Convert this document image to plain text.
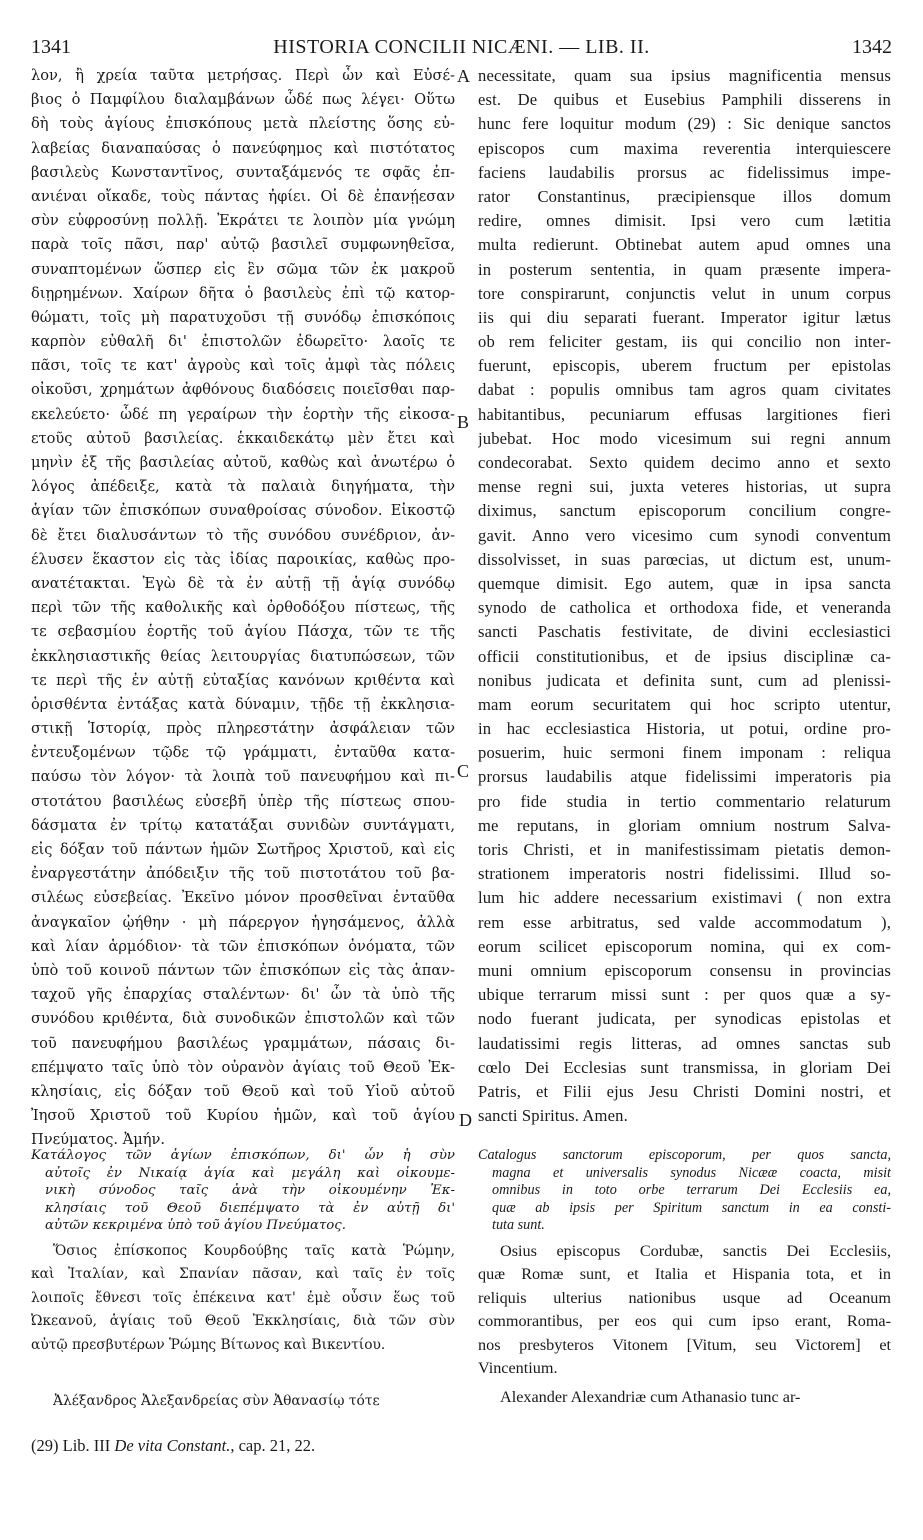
1341	HISTORIA CONCILII NICÆNI. — LIB. II.	1342
λον, ἢ χρεία ταῦτα μετρήσας. Περὶ ὧν καὶ Εὐσέ-
βιος ὁ Παμφίλου διαλαμβάνων ὧδέ πως λέγει· Οὕτω
δὴ τοὺς ἁγίους ἐπισκόπους μετὰ πλείστης ὅσης εὐ-
λαβείας διαναπαύσας ὁ πανεύφημος καὶ πιστότατος
βασιλεὺς Κωνσταντῖνος, συνταξάμενός τε σφᾶς ἐπ-
ανιέναι οἴκαδε, τοὺς πάντας ἠφίει. Οἱ δὲ ἐπανῄεσαν
σὺν εὐφροσύνῃ πολλῇ. Ἐκράτει τε λοιπὸν μία γνώμη
παρὰ τοῖς πᾶσι, παρ' αὐτῷ βασιλεῖ συμφωνηθεῖσα,
συναπτομένων ὥσπερ εἰς ἓν σῶμα τῶν ἐκ μακροῦ
διῃρημένων. Χαίρων δῆτα ὁ βασιλεὺς ἐπὶ τῷ κατορ-
θώματι, τοῖς μὴ παρατυχοῦσι τῇ συνόδῳ ἐπισκόποις
καρπὸν εὐθαλῆ δι' ἐπιστολῶν ἐδωρεῖτο· λαοῖς τε
πᾶσι, τοῖς τε κατ' ἀγροὺς καὶ τοῖς ἀμφὶ τὰς πόλεις
οἰκοῦσι, χρημάτων ἀφθόνους διαδόσεις ποιεῖσθαι παρ-
εκελεύετο· ὧδέ πη γεραίρων τὴν ἑορτὴν τῆς εἰκοσα-
ετοῦς αὐτοῦ βασιλείας. ἑκκαιδεκάτῳ μὲν ἔτει καὶ
μηνὶν ἐξ τῆς βασιλείας αὐτοῦ, καθὼς καὶ ἀνωτέρω ὁ
λόγος ἀπέδειξε, κατὰ τὰ παλαιὰ διηγήματα, τὴν
ἁγίαν τῶν ἐπισκόπων συναθροίσας σύνοδον. Εἰκοστῷ
δὲ ἔτει διαλυσάντων τὸ τῆς συνόδου συνέδριον, ἀν-
έλυσεν ἕκαστον εἰς τὰς ἰδίας παροικίας, καθὼς προ-
ανατέτακται. Ἐγὼ δὲ τὰ ἐν αὐτῇ τῇ ἁγίᾳ συνόδῳ
περὶ τῶν τῆς καθολικῆς καὶ ὀρθοδόξου πίστεως, τῆς
τε σεβασμίου ἑορτῆς τοῦ ἁγίου Πάσχα, τῶν τε τῆς
ἐκκλησιαστικῆς θείας λειτουργίας διατυπώσεων, τῶν
τε περὶ τῆς ἐν αὐτῇ εὐταξίας κανόνων κριθέντα καὶ
ὁρισθέντα ἐντάξας κατὰ δύναμιν, τῇδε τῇ ἐκκλησια-
στικῇ Ἱστορίᾳ, πρὸς πληρεστάτην ἀσφάλειαν τῶν
ἐντευξομένων τῷδε τῷ γράμματι, ἐνταῦθα κατα-
παύσω τὸν λόγον· τὰ λοιπὰ τοῦ πανευφήμου καὶ πι-
στοτάτου βασιλέως εὐσεβῆ ὑπὲρ τῆς πίστεως σπου-
δάσματα ἐν τρίτῳ κατατάξαι συνιδὼν συντάγματι,
εἰς δόξαν τοῦ πάντων ἡμῶν Σωτῆρος Χριστοῦ, καὶ εἰς
ἐναργεστάτην ἀπόδειξιν τῆς τοῦ πιστοτάτου τοῦ βα-
σιλέως εὐσεβείας. Ἐκεῖνο μόνον προσθεῖναι ἐνταῦθα
ἀναγκαῖον ᾠήθην · μὴ πάρεργον ἡγησάμενος, ἀλλὰ
καὶ λίαν ἁρμόδιον· τὰ τῶν ἐπισκόπων ὀνόματα, τῶν
ὑπὸ τοῦ κοινοῦ πάντων τῶν ἐπισκόπων εἰς τὰς ἁπαν-
ταχοῦ γῆς ἐπαρχίας σταλέντων· δι' ὧν τὰ ὑπὸ τῆς
συνόδου κριθέντα, διὰ συνοδικῶν ἐπιστολῶν καὶ τῶν
τοῦ πανευφήμου βασιλέως γραμμάτων, πάσαις δι-
επέμψατο ταῖς ὑπὸ τὸν οὐρανὸν ἁγίαις τοῦ Θεοῦ Ἐκ-
κλησίαις, εἰς δόξαν τοῦ Θεοῦ καὶ τοῦ Υἱοῦ αὐτοῦ
Ἰησοῦ Χριστοῦ τοῦ Κυρίου ἡμῶν, καὶ τοῦ ἁγίου
Πνεύματος. Ἀμήν.
necessitate, quam sua ipsius magnificentia mensus
est. De quibus et Eusebius Pamphili disserens in
hunc fere loquitur modum (29) : Sic denique sanctos
episcopos cum maxima reverentia interquiescere
faciens laudabilis prorsus ac fidelissimus impe-
rator Constantinus, præcipiensque illos domum
redire, omnes dimisit. Ipsi vero cum lætitia
multa redierunt. Obtinebat autem apud omnes una
in posterum sententia, in quam præsente impera-
tore conspirarunt, conjunctis velut in unum corpus
iis qui diu separati fuerant. Imperator igitur lætus
ob rem feliciter gestam, iis qui concilio non inter-
fuerunt, episcopis, uberem fructum per epistolas
dabat : populis omnibus tam agros quam civitates
habitantibus, pecuniarum effusas largitiones fieri
jubebat. Hoc modo vicesimum sui regni annum
condecorabat. Sexto quidem decimo anno et sexto
mense regni sui, juxta veteres historias, ut supra
diximus, sanctum episcoporum concilium congre-
gavit. Anno vero vicesimo cum synodi conventum
dissolvisset, in suas parœcias, ut dictum est, unum-
quemque dimisit. Ego autem, quæ in ipsa sancta
synodo de catholica et orthodoxa fide, et veneranda
sancti Paschatis festivitate, de divini ecclesiastici
officii constitutionibus, et de ipsius disciplinæ ca-
nonibus judicata et definita sunt, cum ad plenissi-
mam eorum securitatem qui hoc scripto utentur,
in hac ecclesiastica Historia, ut potui, ordine pro-
posuerim, huic sermoni finem imponam : reliqua
prorsus laudabilis atque fidelissimi imperatoris pia
pro fide studia in tertio commentario relaturum
me reputans, in gloriam omnium nostrum Salva-
toris Christi, et in manifestissimam pietatis demon-
strationem imperatoris nostri fidelissimi. Illud so-
lum hic addere necessarium existimavi ( non extra
rem esse arbitratus, sed valde accommodatum ),
eorum scilicet episcoporum nomina, qui ex com-
muni omnium episcoporum consensu in provincias
ubique terrarum missi sunt : per quos quæ a sy-
nodo fuerant judicata, per synodicas epistolas et
laudatissimi regis litteras, ad omnes sanctas sub
cœlo Dei Ecclesias sunt transmissa, in gloriam Dei
Patris, et Filii ejus Jesu Christi Domini nostri, et
sancti Spiritus. Amen.
A
B
C
D
Κατάλογος τῶν ἁγίων ἐπισκόπων, δι' ὧν ἡ σὺν
αὐτοῖς ἐν Νικαίᾳ ἁγία καὶ μεγάλη καὶ οἰκουμε-
νικὴ σύνοδος ταῖς ἀνὰ τὴν οἰκουμένην Ἐκ-
κλησίαις τοῦ Θεοῦ διεπέμψατο τὰ ἐν αὐτῇ δι'
αὐτῶν κεκριμένα ὑπὸ τοῦ ἁγίου Πνεύματος.
Catalogus sanctorum episcoporum, per quos sancta,
magna et universalis synodus Nicææ coacta, misit
omnibus in toto orbe terrarum Dei Ecclesiis ea,
quæ ab ipsis per Spiritum sanctum in ea consti-
tuta sunt.
Ὅσιος ἐπίσκοπος Κουρδούβης ταῖς κατὰ Ῥώμην,
καὶ Ἰταλίαν, καὶ Σπανίαν πᾶσαν, καὶ ταῖς ἐν τοῖς
λοιποῖς ἔθνεσι τοῖς ἐπέκεινα κατ' ἐμὲ οὖσιν ἕως τοῦ
Ὠκεανοῦ, ἁγίαις τοῦ Θεοῦ Ἐκκλησίαις, διὰ τῶν σὺν
αὐτῷ πρεσβυτέρων Ῥώμης Βίτωνος καὶ Βικεντίου.
Osius episcopus Cordubæ, sanctis Dei Ecclesiis,
quæ Romæ sunt, et Italia et Hispania tota, et in
reliquis ulterius nationibus usque ad Oceanum
commorantibus, per eos qui cum ipso erant, Roma-
nos presbyteros Vitonem [Vitum, seu Victorem] et
Vincentium.
Ἀλέξανδρος Ἀλεξανδρείας σὺν Ἀθανασίῳ τότε	Alexander Alexandriæ cum Athanasio tunc ar-
(29) Lib. III De vita Constant., cap. 21, 22.
